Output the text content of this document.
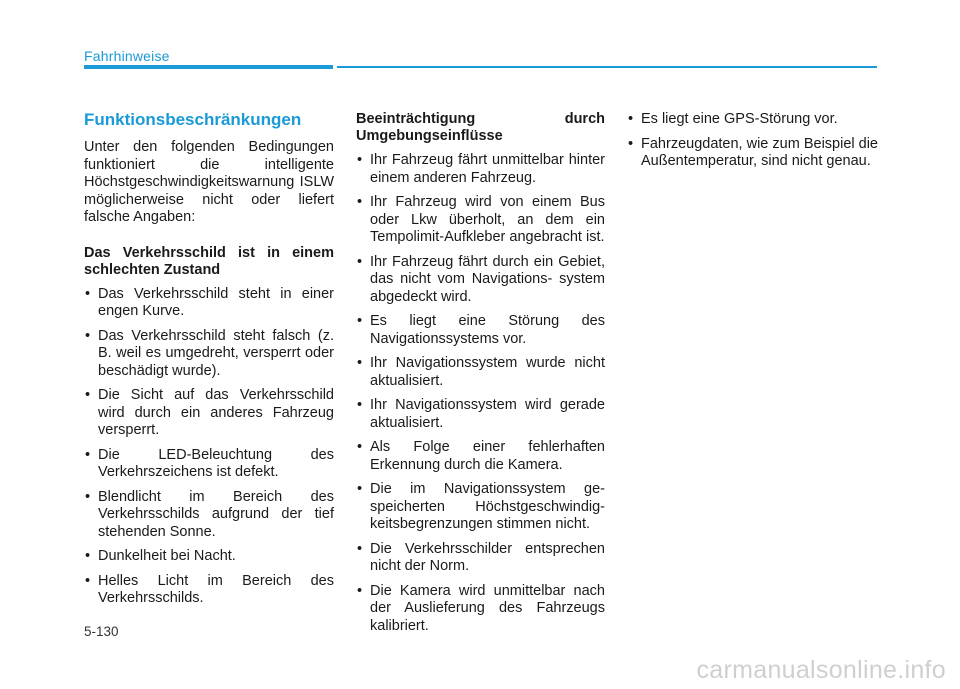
Fahrhinweise
Funktionsbeschränkungen

Unter den folgenden Bedingungen funktioniert die intelligente Höchstgeschwindigkeitswarnung ISLW möglicherweise nicht oder liefert falsche Angaben:

Das Verkehrsschild ist in einem schlechten Zustand
• Das Verkehrsschild steht in einer engen Kurve.
• Das Verkehrsschild steht falsch (z. B. weil es umgedreht, versperrt oder beschädigt wurde).
• Die Sicht auf das Verkehrsschild wird durch ein anderes Fahrzeug versperrt.
• Die LED-Beleuchtung des Verkehrszeichens ist defekt.
• Blendlicht im Bereich des Verkehrsschilds aufgrund der tief stehenden Sonne.
• Dunkelheit bei Nacht.
• Helles Licht im Bereich des Verkehrsschilds.
Beeinträchtigung durch Umgebungseinflüsse
• Ihr Fahrzeug fährt unmittelbar hinter einem anderen Fahrzeug.
• Ihr Fahrzeug wird von einem Bus oder Lkw überholt, an dem ein Tempolimit-Aufkleber angebracht ist.
• Ihr Fahrzeug fährt durch ein Gebiet, das nicht vom Navigations- system abgedeckt wird.
• Es liegt eine Störung des Navigationssystems vor.
• Ihr Navigationssystem wurde nicht aktualisiert.
• Ihr Navigationssystem wird gerade aktualisiert.
• Als Folge einer fehlerhaften Erkennung durch die Kamera.
• Die im Navigationssystem ge- speicherten Höchstgeschwindig- keitsbegrenzungen stimmen nicht.
• Die Verkehrsschilder entsprechen nicht der Norm.
• Die Kamera wird unmittelbar nach der Auslieferung des Fahrzeugs kalibriert.
• Es liegt eine GPS-Störung vor.
• Fahrzeugdaten, wie zum Beispiel die Außentemperatur, sind nicht genau.
5-130
carmanualsonline.info
